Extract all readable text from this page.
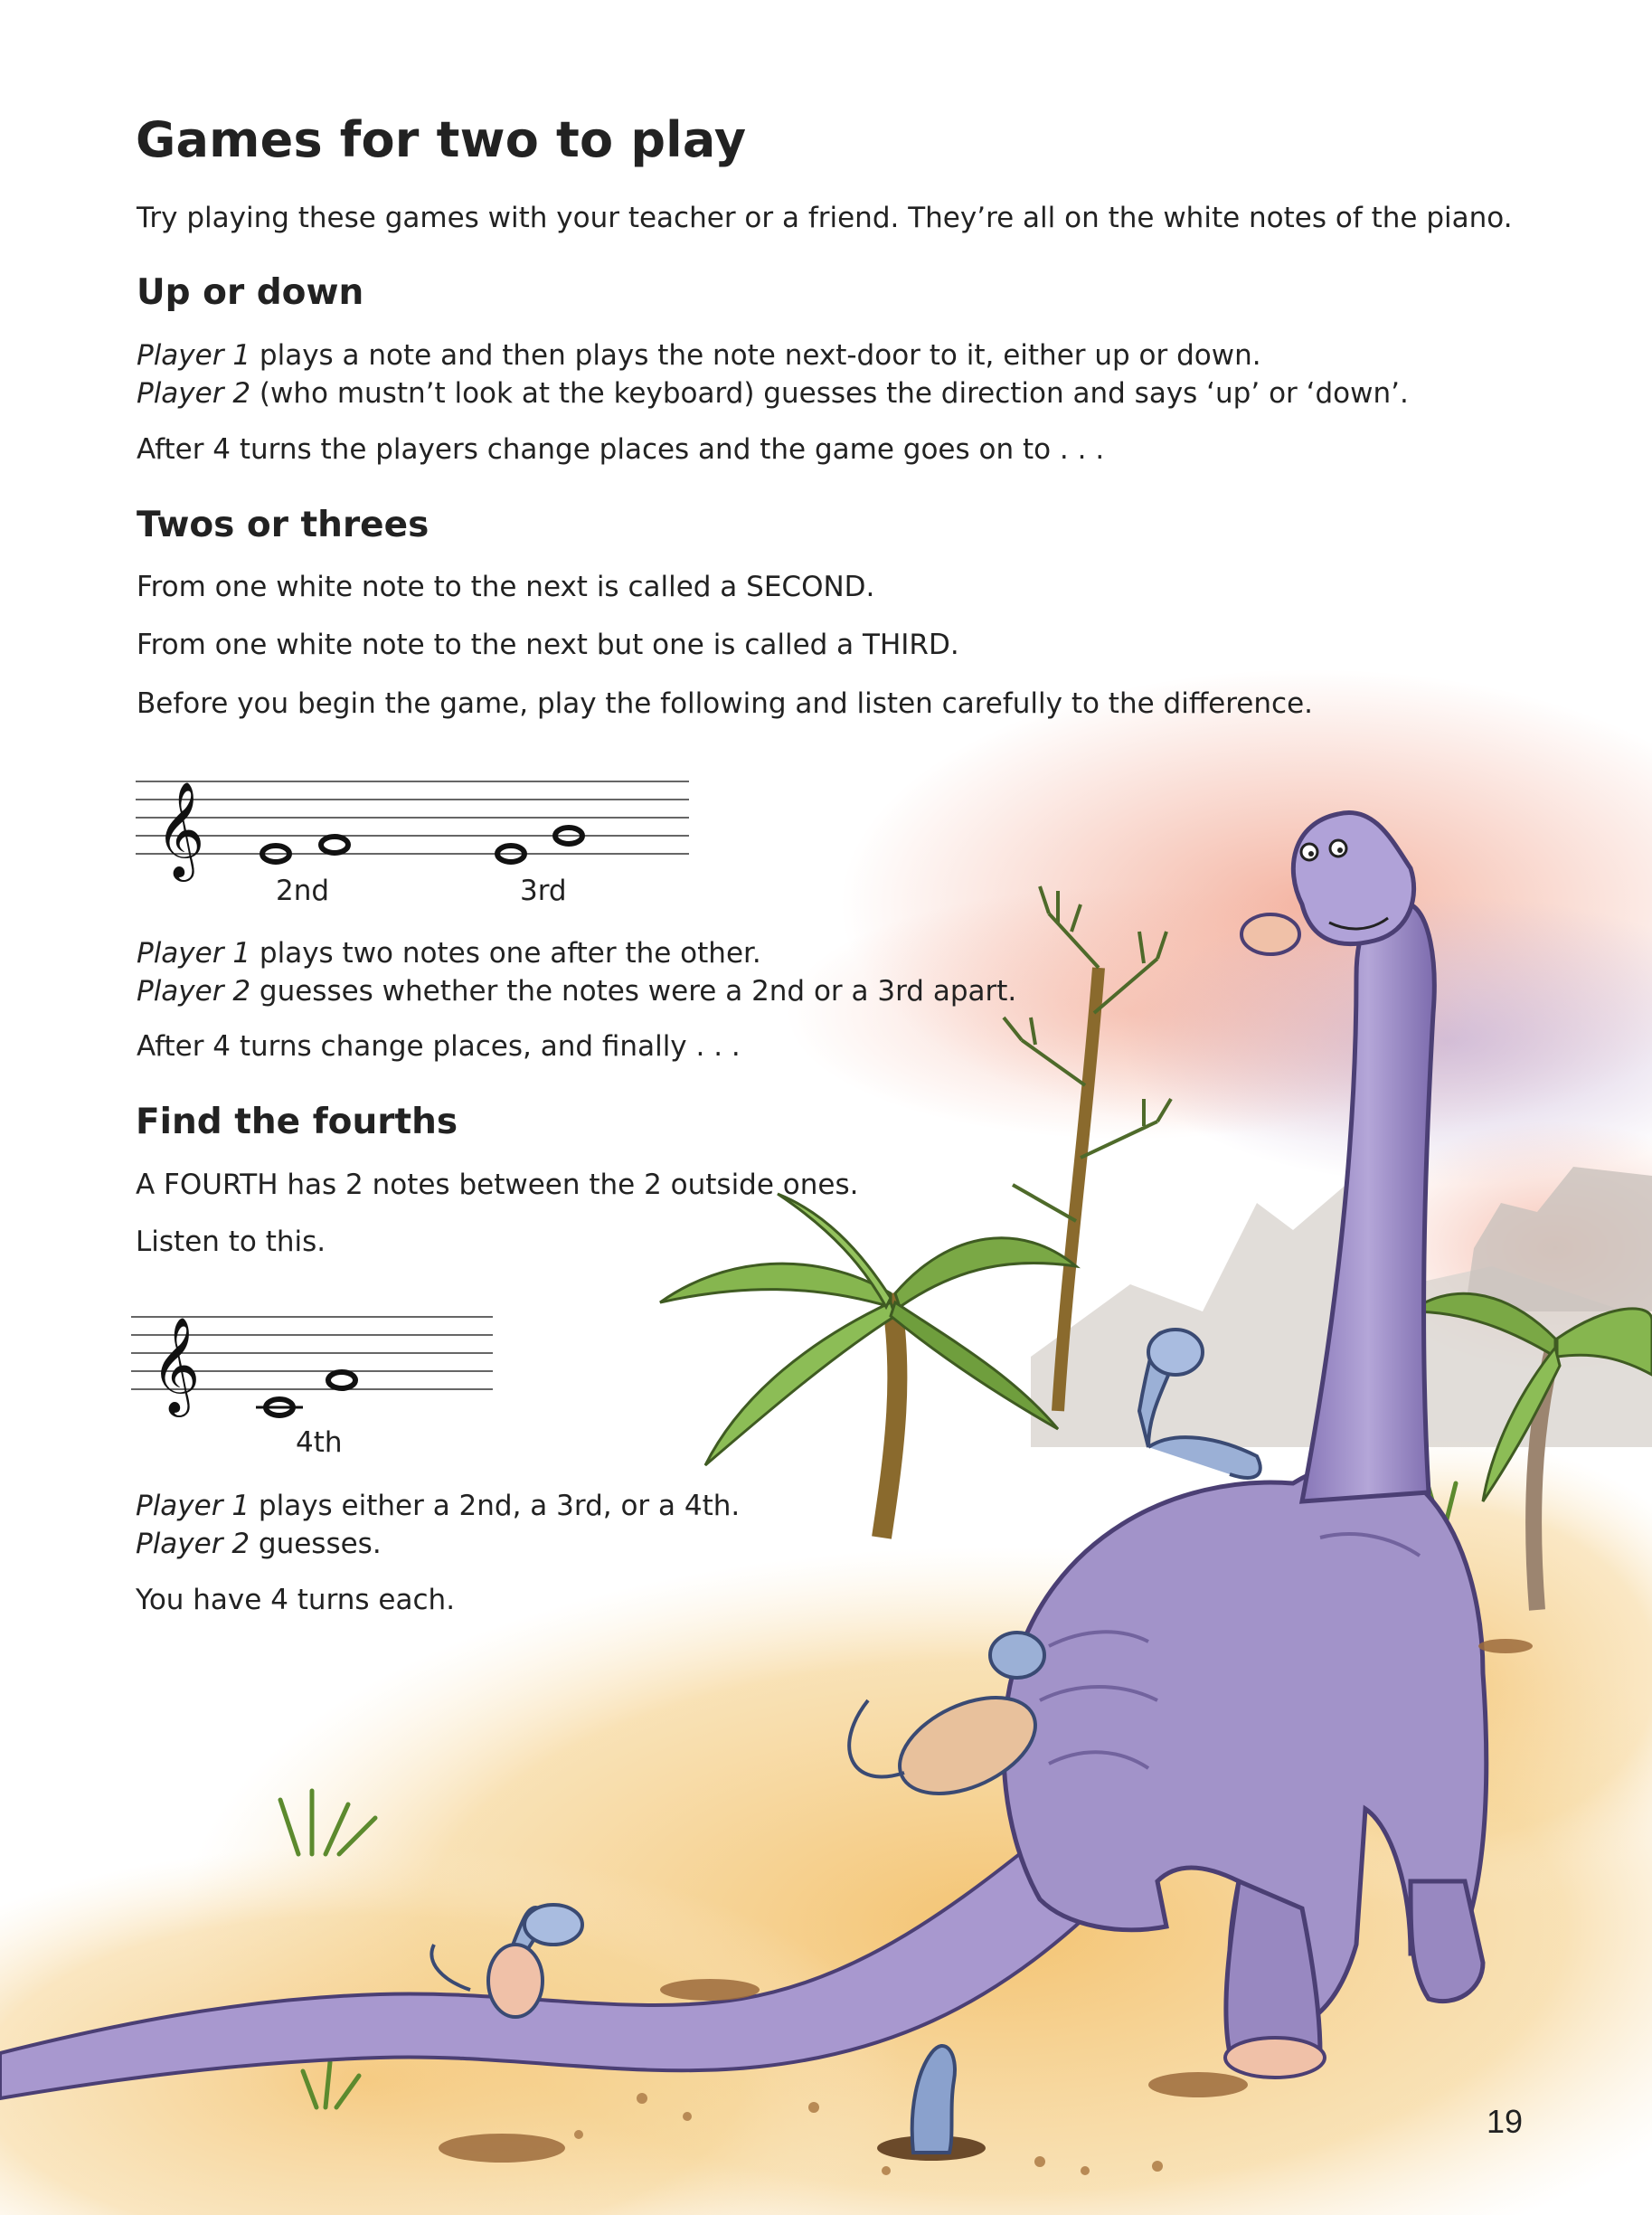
Games for two to play

Try playing these games with your teacher or a friend. They’re all on the white notes of the piano.

Up or down
Player 1 plays a note and then plays the note next-door to it, either up or down.
Player 2 (who mustn’t look at the keyboard) guesses the direction and says ‘up’ or ‘down’.

After 4 turns the players change places and the game goes on to . . .

Twos or threes

From one white note to the next is called a SECOND.

From one white note to the next but one is called a THIRD.

Before you begin the game, play the following and listen carefully to the difference.

𝄞
2nd	3rd
Player 1 plays two notes one after the other.
Player 2 guesses whether the notes were a 2nd or a 3rd apart.

After 4 turns change places, and finally . . .

Find the fourths

A FOURTH has 2 notes between the 2 outside ones.

Listen to this.

𝄞
4th
Player 1 plays either a 2nd, a 3rd, or a 4th.
Player 2 guesses.

You have 4 turns each.

19
